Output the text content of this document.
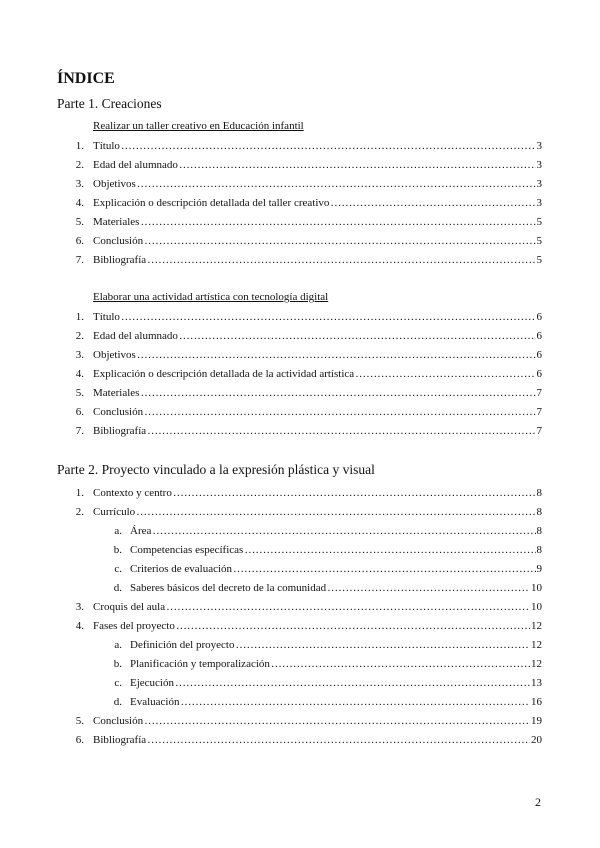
ÍNDICE
Parte 1. Creaciones
Realizar un taller creativo en Educación infantil
1. Título …………………………………………………………………………………………………………………………………………………	3
2. Edad del alumnado …………………………………………………………………………………………………………………………………………………	3
3. Objetivos …………………………………………………………………………………………………………………………………………………	3
4. Explicación o descripción detallada del taller creativo …………………………………………………………………………………………………………………………………………………	3
5. Materiales …………………………………………………………………………………………………………………………………………………	5
6. Conclusión …………………………………………………………………………………………………………………………………………………	5
7. Bibliografía …………………………………………………………………………………………………………………………………………………	5
Elaborar una actividad artística con tecnología digital
1. Título …………………………………………………………………………………………………………………………………………………	6
2. Edad del alumnado …………………………………………………………………………………………………………………………………………………	6
3. Objetivos …………………………………………………………………………………………………………………………………………………	6
4. Explicación o descripción detallada de la actividad artística …………………………………………………………………………………………………………………………………………………	6
5. Materiales …………………………………………………………………………………………………………………………………………………	7
6. Conclusión …………………………………………………………………………………………………………………………………………………	7
7. Bibliografía …………………………………………………………………………………………………………………………………………………	7
Parte 2. Proyecto vinculado a la expresión plástica y visual
1. Contexto y centro …………………………………………………………………………………………………………………………………………………	8
2. Currículo …………………………………………………………………………………………………………………………………………………	8
a. Área …………………………………………………………………………………………………………………………………………………	8
b. Competencias específicas …………………………………………………………………………………………………………………………………………………	8
c. Criterios de evaluación …………………………………………………………………………………………………………………………………………………	9
d. Saberes básicos del decreto de la comunidad …………………………………………………………………………………………………………………………………………………	10
3. Croquis del aula …………………………………………………………………………………………………………………………………………………	10
4. Fases del proyecto …………………………………………………………………………………………………………………………………………………	12
a. Definición del proyecto …………………………………………………………………………………………………………………………………………………	12
b. Planificación y temporalización …………………………………………………………………………………………………………………………………………………	12
c. Ejecución …………………………………………………………………………………………………………………………………………………	13
d. Evaluación …………………………………………………………………………………………………………………………………………………	16
5. Conclusión …………………………………………………………………………………………………………………………………………………	19
6. Bibliografía …………………………………………………………………………………………………………………………………………………	20
2
